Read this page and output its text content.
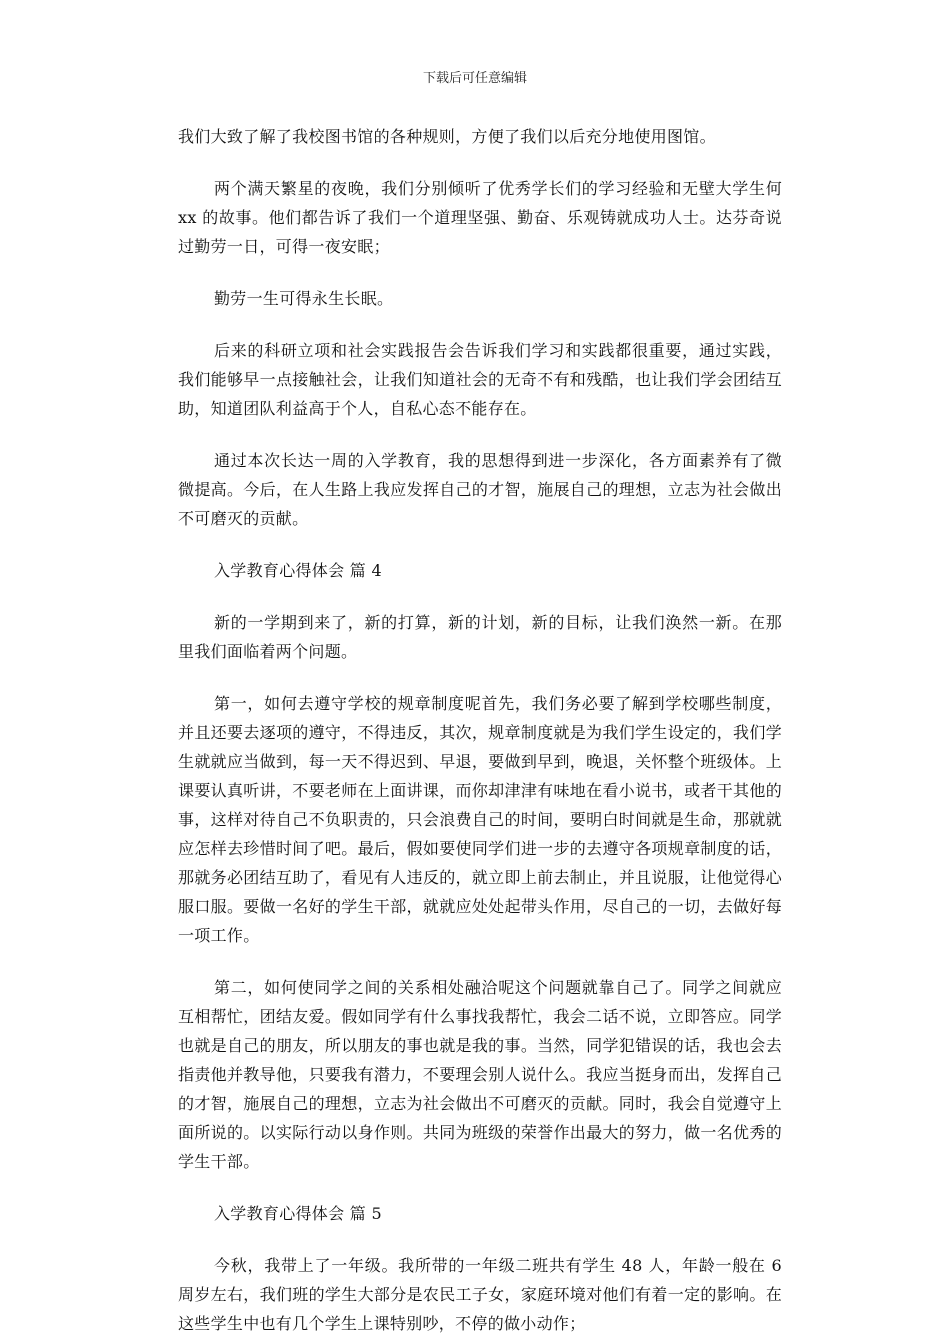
下载后可任意编辑

我们大致了解了我校图书馆的各种规则，方便了我们以后充分地使用图馆。

两个满天繁星的夜晚，我们分别倾听了优秀学长们的学习经验和无壁大学生何 xx 的故事。他们都告诉了我们一个道理坚强、勤奋、乐观铸就成功人士。达芬奇说过勤劳一日，可得一夜安眠；

勤劳一生可得永生长眠。

后来的科研立项和社会实践报告会告诉我们学习和实践都很重要，通过实践，我们能够早一点接触社会，让我们知道社会的无奇不有和残酷，也让我们学会团结互助，知道团队利益高于个人，自私心态不能存在。

通过本次长达一周的入学教育，我的思想得到进一步深化，各方面素养有了微微提高。今后，在人生路上我应发挥自己的才智，施展自己的理想，立志为社会做出不可磨灭的贡献。

入学教育心得体会 篇 4

新的一学期到来了，新的打算，新的计划，新的目标，让我们涣然一新。在那里我们面临着两个问题。

第一，如何去遵守学校的规章制度呢首先，我们务必要了解到学校哪些制度，并且还要去逐项的遵守，不得违反，其次，规章制度就是为我们学生设定的，我们学生就就应当做到，每一天不得迟到、早退，要做到早到，晚退，关怀整个班级体。上课要认真听讲，不要老师在上面讲课，而你却津津有味地在看小说书，或者干其他的事，这样对待自己不负职责的，只会浪费自己的时间，要明白时间就是生命，那就就应怎样去珍惜时间了吧。最后，假如要使同学们进一步的去遵守各项规章制度的话，那就务必团结互助了，看见有人违反的，就立即上前去制止，并且说服，让他觉得心服口服。要做一名好的学生干部，就就应处处起带头作用，尽自己的一切，去做好每一项工作。

第二，如何使同学之间的关系相处融洽呢这个问题就靠自己了。同学之间就应互相帮忙，团结友爱。假如同学有什么事找我帮忙，我会二话不说，立即答应。同学也就是自己的朋友，所以朋友的事也就是我的事。当然，同学犯错误的话，我也会去指责他并教导他，只要我有潜力，不要理会别人说什么。我应当挺身而出，发挥自己的才智，施展自己的理想，立志为社会做出不可磨灭的贡献。同时，我会自觉遵守上面所说的。以实际行动以身作则。共同为班级的荣誉作出最大的努力，做一名优秀的学生干部。

入学教育心得体会 篇 5

今秋，我带上了一年级。我所带的一年级二班共有学生 48 人，年龄一般在 6 周岁左右，我们班的学生大部分是农民工子女，家庭环境对他们有着一定的影响。在这些学生中也有几个学生上课特别吵，不停的做小动作；
